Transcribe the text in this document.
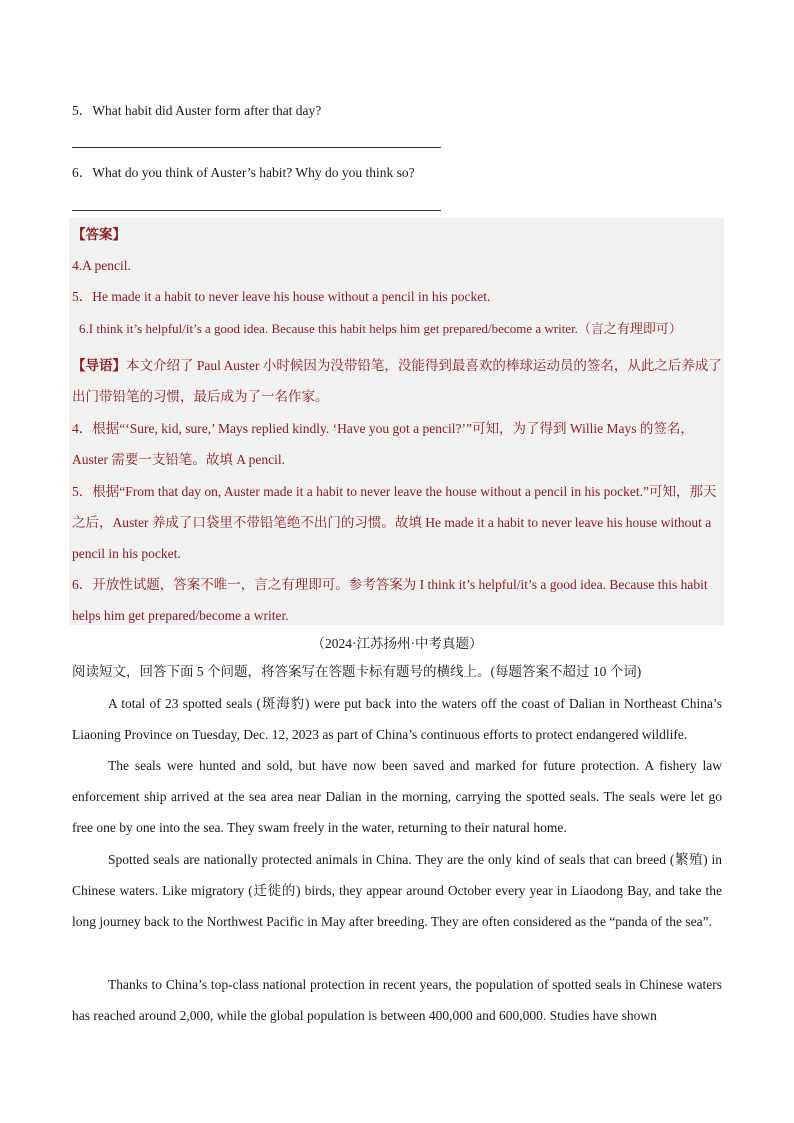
5．What habit did Auster form after that day?
6．What do you think of Auster’s habit? Why do you think so?
【答案】
4.A pencil.
5．He made it a habit to never leave his house without a pencil in his pocket.
6.I think it’s helpful/it’s a good idea. Because this habit helps him get prepared/become a writer.（言之有理即可）
【导语】本文介绍了 Paul Auster 小时候因为没带铅笔，没能得到最喜欢的棒球运动员的签名，从此之后养成了出门带铅笔的习惯，最后成为了一名作家。
4．根据“‘Sure, kid, sure,’ Mays replied kindly. ‘Have you got a pencil?’”可知，为了得到 Willie Mays 的签名，Auster 需要一支铅笔。故填 A pencil.
5．根据“From that day on, Auster made it a habit to never leave the house without a pencil in his pocket.”可知，那天之后，Auster 养成了口袋里不带铅笔绝不出门的习惯。故填 He made it a habit to never leave his house without a pencil in his pocket.
6．开放性试题，答案不唯一，言之有理即可。参考答案为 I think it’s helpful/it’s a good idea. Because this habit helps him get prepared/become a writer.
（2024·江苏扬州·中考真题）
阅读短文，回答下面 5 个问题，将答案写在答题卡标有题号的横线上。(每题答案不超过 10 个词)
A total of 23 spotted seals (斑海豹) were put back into the waters off the coast of Dalian in Northeast China’s Liaoning Province on Tuesday, Dec. 12, 2023 as part of China’s continuous efforts to protect endangered wildlife.
The seals were hunted and sold, but have now been saved and marked for future protection. A fishery law enforcement ship arrived at the sea area near Dalian in the morning, carrying the spotted seals. The seals were let go free one by one into the sea. They swam freely in the water, returning to their natural home.
Spotted seals are nationally protected animals in China. They are the only kind of seals that can breed (繁殖) in Chinese waters. Like migratory (迁徙的) birds, they appear around October every year in Liaodong Bay, and take the long journey back to the Northwest Pacific in May after breeding. They are often considered as the “panda of the sea”.
Thanks to China’s top-class national protection in recent years, the population of spotted seals in Chinese waters has reached around 2,000, while the global population is between 400,000 and 600,000. Studies have shown
